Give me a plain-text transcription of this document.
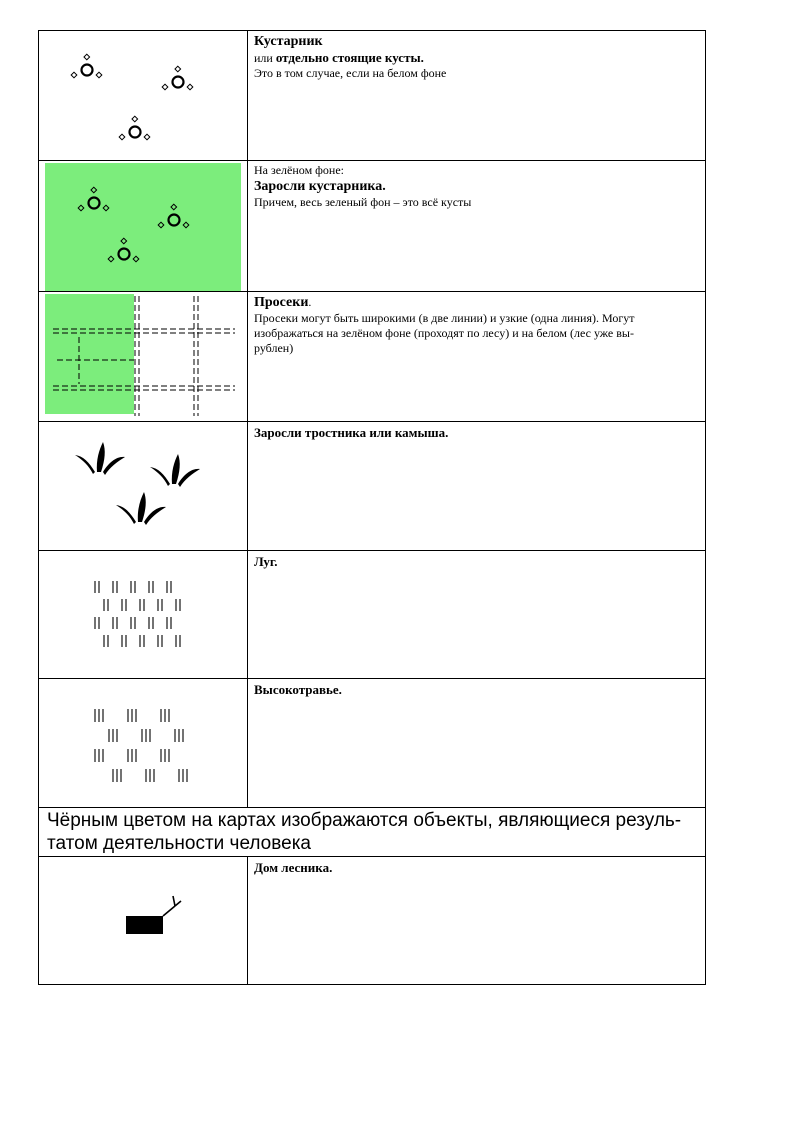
Кустарник
или отдельно стоящие кусты.
Это в том случае, если на белом фоне
На зелёном фоне:
Заросли кустарника.
Причем, весь зеленый фон – это всё кусты
Просеки.
Просеки могут быть широкими (в две линии) и узкие (одна линия). Могут
изображаться на зелёном фоне (проходят по лесу) и на белом (лес уже вы-
рублен)
Заросли тростника или камыша.
Луг.
Высокотравье.
Чёрным цветом на картах изображаются объекты, являющиеся резуль-
татом деятельности человека
Дом лесника.
